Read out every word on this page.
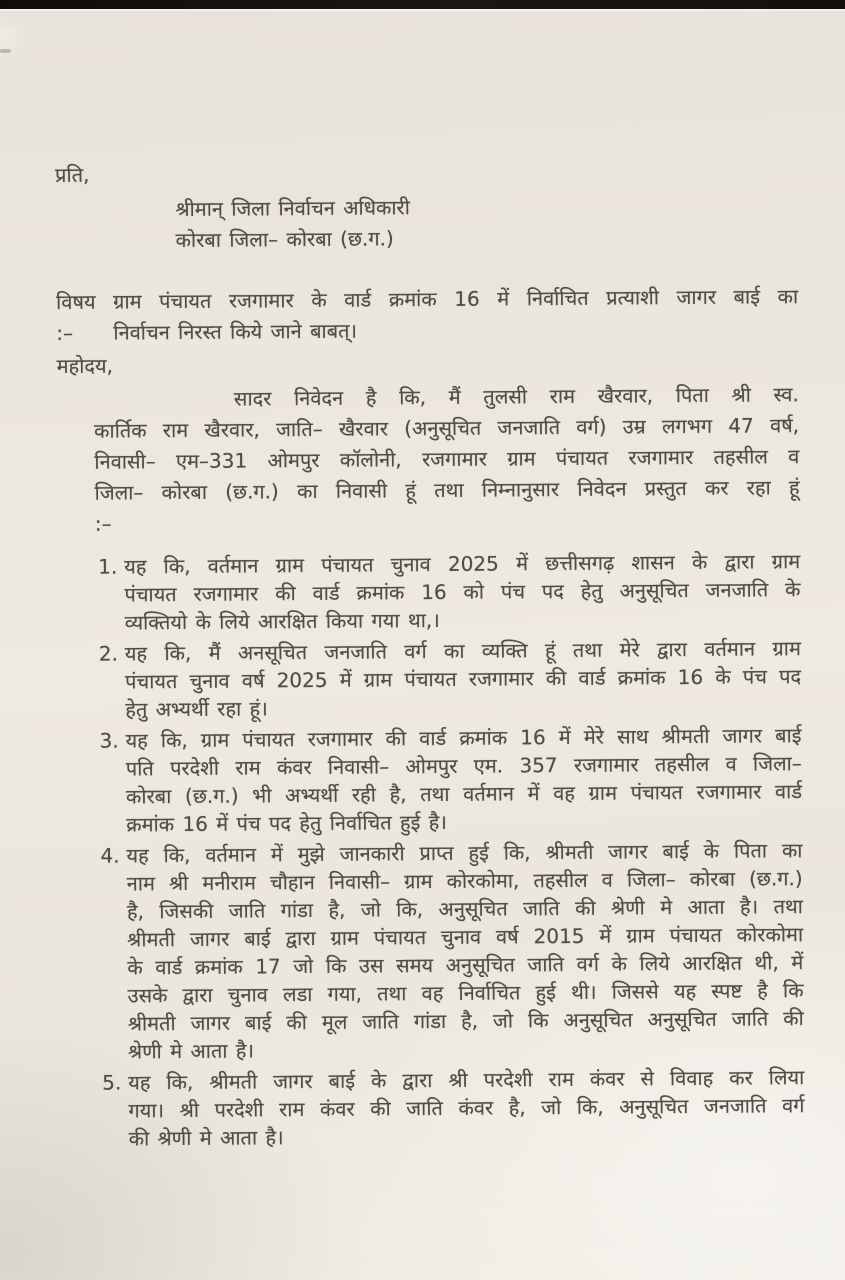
प्रति,
श्रीमान् जिला निर्वाचन अधिकारी
कोरबा जिला– कोरबा (छ.ग.)
विषय :–
ग्राम पंचायत रजगामार के वार्ड क्रमांक 16 में निर्वाचित प्रत्याशी जागर बाई का
निर्वाचन निरस्त किये जाने बाबत्।
महोदय,
सादर निवेदन है कि, मैं तुलसी राम खैरवार, पिता श्री स्व.
कार्तिक राम खैरवार, जाति– खैरवार (अनुसूचित जनजाति वर्ग) उम्र लगभग 47 वर्ष,
निवासी– एम–331 ओमपुर कॉलोनी, रजगामार ग्राम पंचायत रजगामार तहसील व
जिला– कोरबा (छ.ग.) का निवासी हूं तथा निम्नानुसार निवेदन प्रस्तुत कर रहा हूं
:–
1. यह कि, वर्तमान ग्राम पंचायत चुनाव 2025 में छत्तीसगढ़ शासन के द्वारा ग्राम
पंचायत रजगामार की वार्ड क्रमांक 16 को पंच पद हेतु अनुसूचित जनजाति के
व्यक्तियो के लिये आरक्षित किया गया था,।
2. यह कि, मैं अनसूचित जनजाति वर्ग का व्यक्ति हूं तथा मेरे द्वारा वर्तमान ग्राम
पंचायत चुनाव वर्ष 2025 में ग्राम पंचायत रजगामार की वार्ड क्रमांक 16 के पंच पद
हेतु अभ्यर्थी रहा हूं।
3. यह कि, ग्राम पंचायत रजगामार की वार्ड क्रमांक 16 में मेरे साथ श्रीमती जागर बाई
पति परदेशी राम कंवर निवासी– ओमपुर एम. 357 रजगामार तहसील व जिला–
कोरबा (छ.ग.) भी अभ्यर्थी रही है, तथा वर्तमान में वह ग्राम पंचायत रजगामार वार्ड
क्रमांक 16 में पंच पद हेतु निर्वाचित हुई है।
4. यह कि, वर्तमान में मुझे जानकारी प्राप्त हुई कि, श्रीमती जागर बाई के पिता का
नाम श्री मनीराम चौहान निवासी– ग्राम कोरकोमा, तहसील व जिला– कोरबा (छ.ग.)
है, जिसकी जाति गांडा है, जो कि, अनुसूचित जाति की श्रेणी मे आता है। तथा
श्रीमती जागर बाई द्वारा ग्राम पंचायत चुनाव वर्ष 2015 में ग्राम पंचायत कोरकोमा
के वार्ड क्रमांक 17 जो कि उस समय अनुसूचित जाति वर्ग के लिये आरक्षित थी, में
उसके द्वारा चुनाव लडा गया, तथा वह निर्वाचित हुई थी। जिससे यह स्पष्ट है कि
श्रीमती जागर बाई की मूल जाति गांडा है, जो कि अनुसूचित अनुसूचित जाति की
श्रेणी मे आता है।
5. यह कि, श्रीमती जागर बाई के द्वारा श्री परदेशी राम कंवर से विवाह कर लिया
गया। श्री परदेशी राम कंवर की जाति कंवर है, जो कि, अनुसूचित जनजाति वर्ग
की श्रेणी मे आता है।
